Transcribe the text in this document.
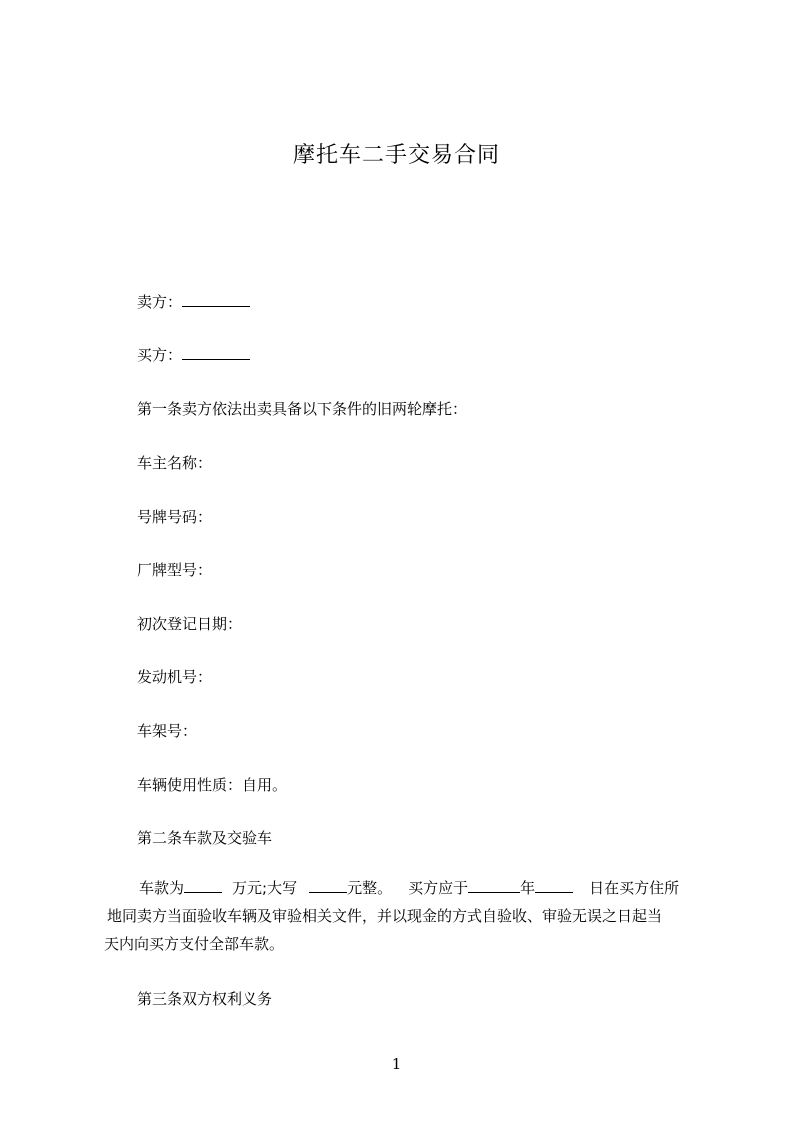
摩托车二手交易合同

卖方：

买方：

第一条卖方依法出卖具备以下条件的旧两轮摩托：

车主名称：

号牌号码：

厂牌型号：

初次登记日期：

发动机号：

车架号：

车辆使用性质：自用。

第二条车款及交验车

车款为	万元;大写	元整。 买方应于	年	日在买方住所
地同卖方当面验收车辆及审验相关文件，并以现金的方式自验收、审验无误之日起当
天内向买方支付全部车款。

第三条双方权利义务

1
